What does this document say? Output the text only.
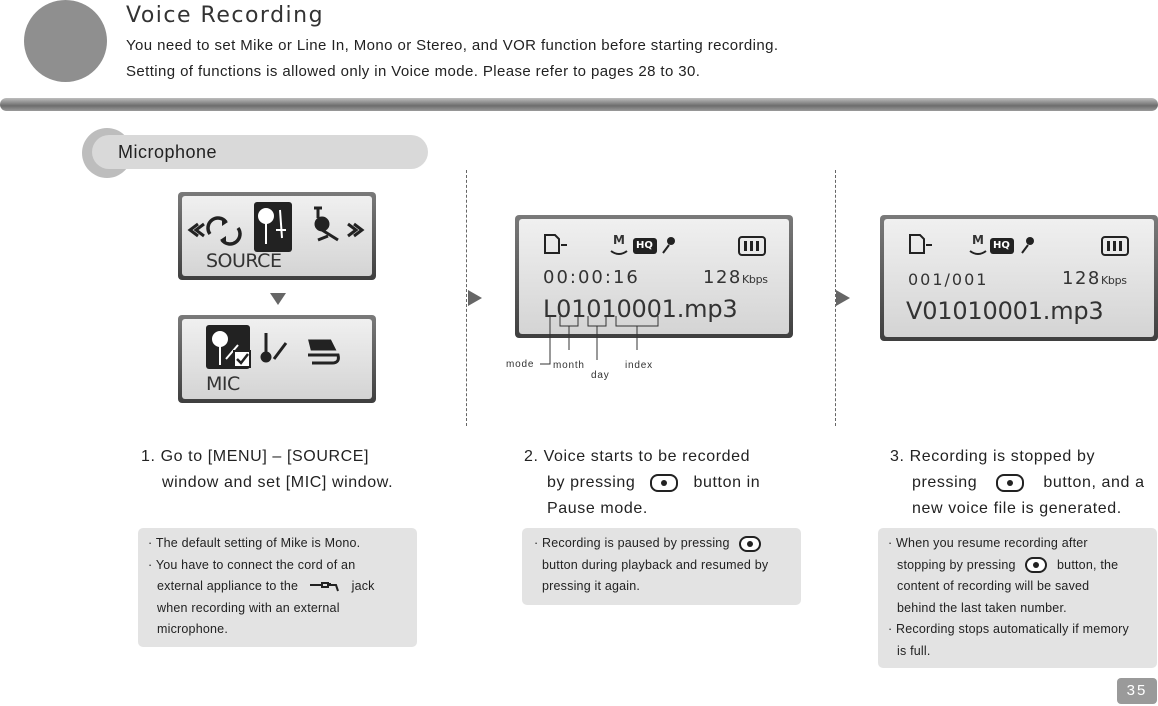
Voice Recording
You need to set Mike or Line In, Mono or Stereo, and VOR function before starting recording.
Setting of functions is allowed only in Voice mode. Please refer to pages 28 to 30.
Microphone
SOURCE
MIC
M HQ
00:00:16	128 Kbps
L01010001.mp3
mode month
day
index
M HQ
001/001	128 Kbps
V01010001.mp3
1. Go to [MENU] – [SOURCE]
window and set [MIC] window.
2. Voice starts to be recorded
by pressing	button in
Pause mode.
3. Recording is stopped by
pressing	button, and a
new voice file is generated.

· The default setting of Mike is Mono.

· You have to connect the cord of an

external appliance to the	jack

when recording with an external

microphone.

· Recording is paused by pressing

button during playback and resumed by

pressing it again.

· When you resume recording after

stopping by pressing	button, the

content of recording will be saved

behind the last taken number.

· Recording stops automatically if memory

is full.

35
